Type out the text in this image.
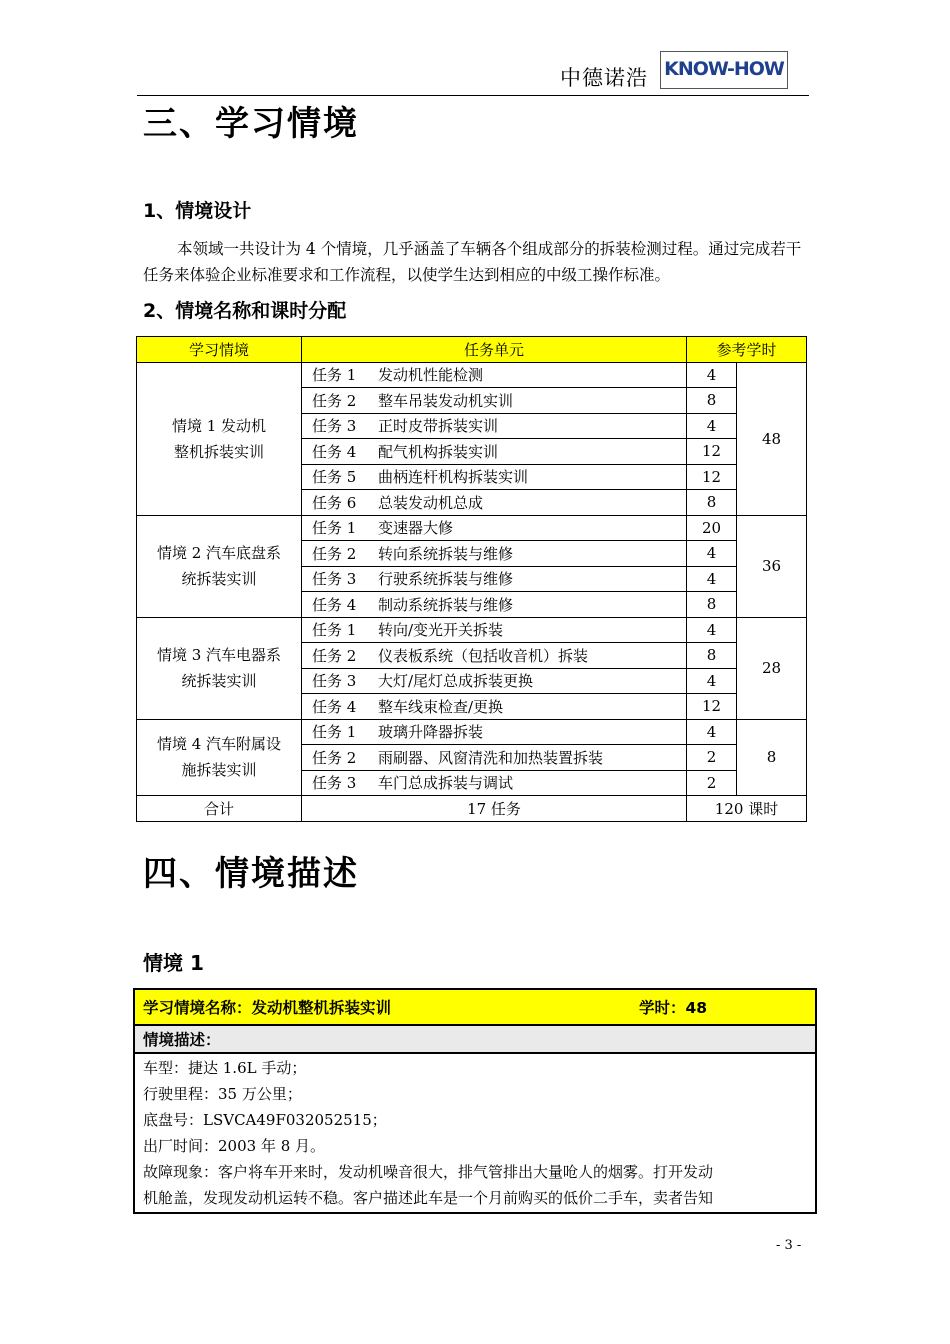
中德诺浩 KNOW-HOW
三、学习情境
1、情境设计
本领域一共设计为 4 个情境，几乎涵盖了车辆各个组成部分的拆装检测过程。通过完成若干任务来体验企业标准要求和工作流程，以使学生达到相应的中级工操作标准。
2、情境名称和课时分配
学习情境	任务单元	参考学时	

情境 1 发动机
整机拆装实训	任务 1 发动机性能检测	4	48
	任务 2 整车吊装发动机实训	8	
	任务 3 正时皮带拆装实训	4	
	任务 4 配气机构拆装实训	12	
	任务 5 曲柄连杆机构拆装实训	12	
	任务 6 总装发动机总成	8	

情境 2 汽车底盘系
统拆装实训	任务 1 变速器大修	20	36
	任务 2 转向系统拆装与维修	4	
	任务 3 行驶系统拆装与维修	4	
	任务 4 制动系统拆装与维修	8	

情境 3 汽车电器系
统拆装实训	任务 1 转向/变光开关拆装	4	28
	任务 2 仪表板系统（包括收音机）拆装	8	
	任务 3 大灯/尾灯总成拆装更换	4	
	任务 4 整车线束检查/更换	12	

情境 4 汽车附属设
施拆装实训	任务 1 玻璃升降器拆装	4	8
	任务 2 雨刷器、风窗清洗和加热装置拆装	2	
	任务 3 车门总成拆装与调试	2	
合计	17 任务	120 课时	
四、情境描述
情境 1
学习情境名称：发动机整机拆装实训	学时：48

情境描述：

车型：捷达 1.6L 手动；
行驶里程：35 万公里；
底盘号：LSVCA49F032052515；
出厂时间：2003 年 8 月。
故障现象：客户将车开来时，发动机噪音很大，排气管排出大量呛人的烟雾。打开发动
机舱盖，发现发动机运转不稳。客户描述此车是一个月前购买的低价二手车，卖者告知
- 3 -
